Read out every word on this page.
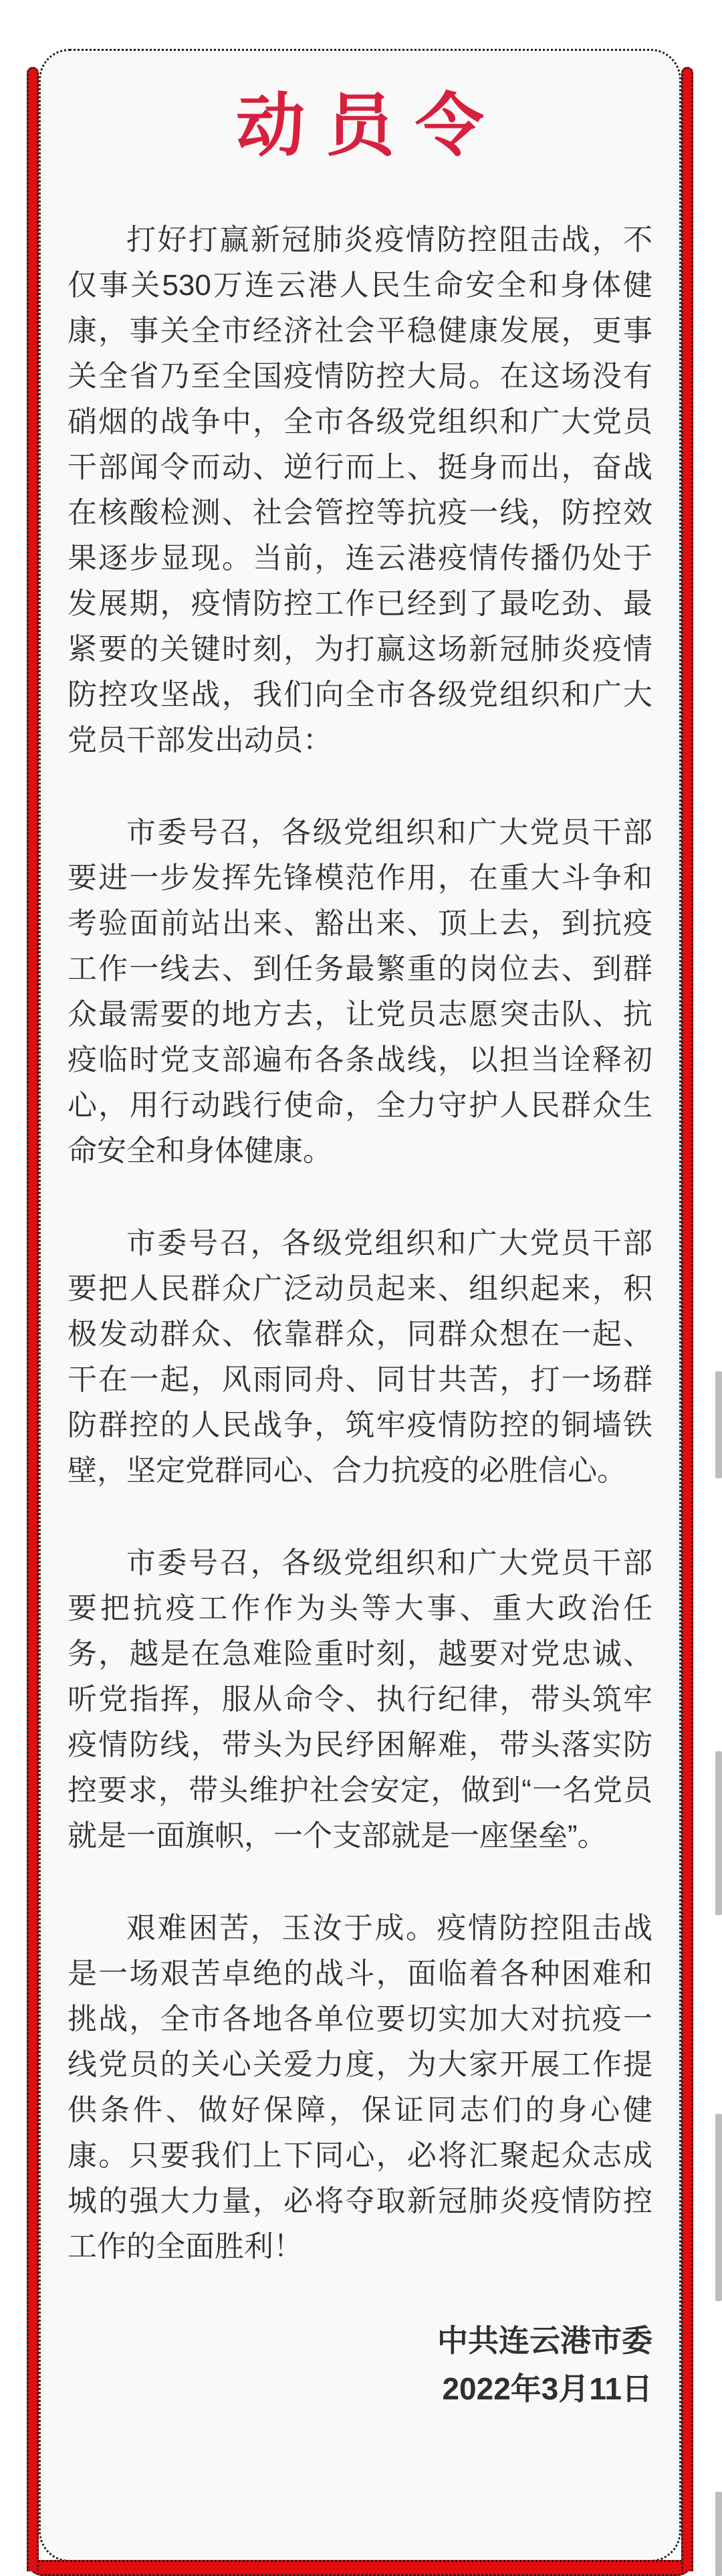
动员令

打好打赢新冠肺炎疫情防控阻击战，不仅事关530万连云港人民生命安全和身体健康，事关全市经济社会平稳健康发展，更事关全省乃至全国疫情防控大局。在这场没有硝烟的战争中，全市各级党组织和广大党员干部闻令而动、逆行而上、挺身而出，奋战在核酸检测、社会管控等抗疫一线，防控效果逐步显现。当前，连云港疫情传播仍处于发展期，疫情防控工作已经到了最吃劲、最紧要的关键时刻，为打赢这场新冠肺炎疫情防控攻坚战，我们向全市各级党组织和广大党员干部发出动员：

市委号召，各级党组织和广大党员干部要进一步发挥先锋模范作用，在重大斗争和考验面前站出来、豁出来、顶上去，到抗疫工作一线去、到任务最繁重的岗位去、到群众最需要的地方去，让党员志愿突击队、抗疫临时党支部遍布各条战线，以担当诠释初心，用行动践行使命，全力守护人民群众生命安全和身体健康。

市委号召，各级党组织和广大党员干部要把人民群众广泛动员起来、组织起来，积极发动群众、依靠群众，同群众想在一起、干在一起，风雨同舟、同甘共苦，打一场群防群控的人民战争，筑牢疫情防控的铜墙铁壁，坚定党群同心、合力抗疫的必胜信心。

市委号召，各级党组织和广大党员干部要把抗疫工作作为头等大事、重大政治任务，越是在急难险重时刻，越要对党忠诚、听党指挥，服从命令、执行纪律，带头筑牢疫情防线，带头为民纾困解难，带头落实防控要求，带头维护社会安定，做到“一名党员就是一面旗帜，一个支部就是一座堡垒”。

艰难困苦，玉汝于成。疫情防控阻击战是一场艰苦卓绝的战斗，面临着各种困难和挑战，全市各地各单位要切实加大对抗疫一线党员的关心关爱力度，为大家开展工作提供条件、做好保障，保证同志们的身心健康。只要我们上下同心，必将汇聚起众志成城的强大力量，必将夺取新冠肺炎疫情防控工作的全面胜利！

中共连云港市委
2022年3月11日
